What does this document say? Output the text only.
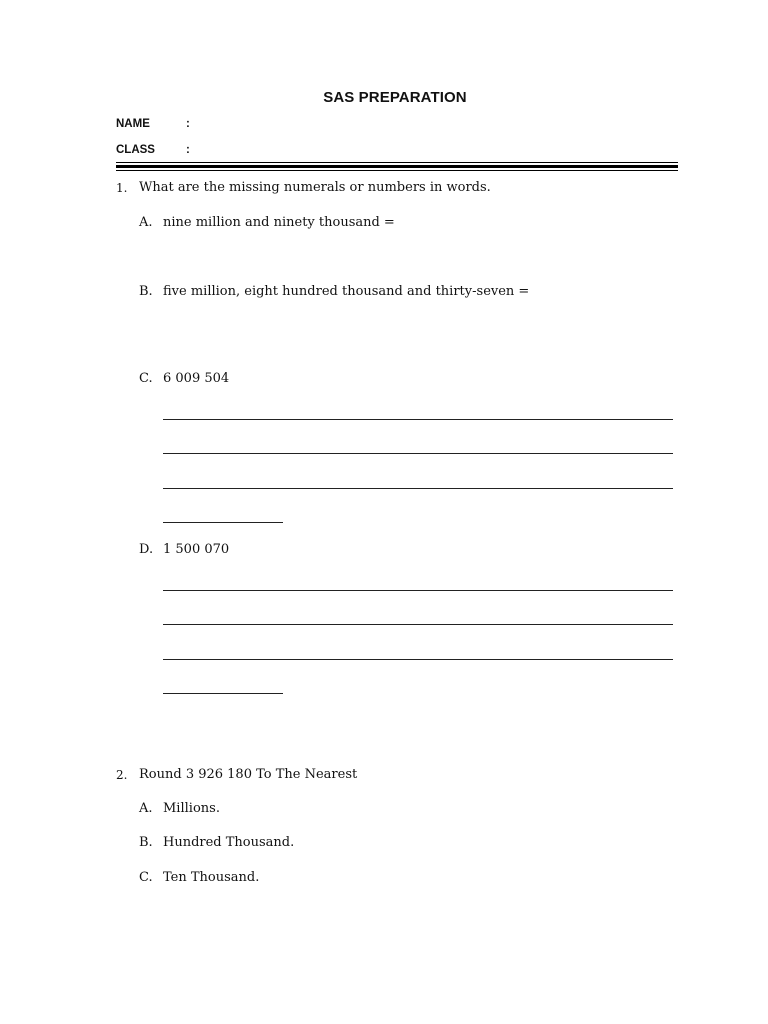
SAS PREPARATION
NAME	:
CLASS	:
1. What are the missing numerals or numbers in words.
A. nine million and ninety thousand =
B. five million, eight hundred thousand and thirty-seven =
C. 6 009 504
D. 1 500 070
2. Round 3 926 180 To The Nearest
A. Millions.
B. Hundred Thousand.
C. Ten Thousand.
